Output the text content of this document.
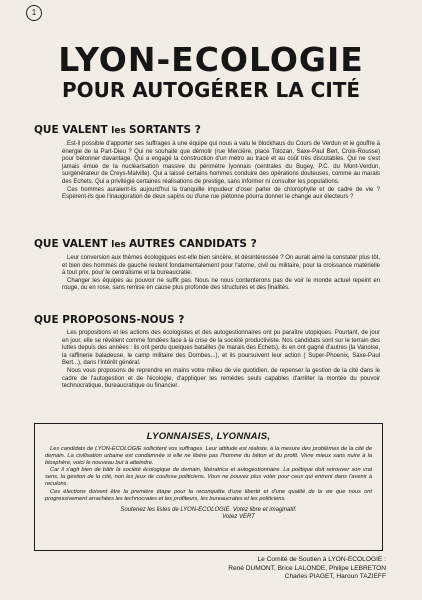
1
LYON-ECOLOGIE
POUR AUTOGÉRER LA CITÉ
QUE VALENT les SORTANTS ?

Est-il possible d'apporter ses suffrages à une équipe qui nous a valu le blockhaus du Cours de Verdun et le gouffre à énergie de la Part-Dieu ? Qui ne souhaite que démolir (rue Mercière, place Tolozan, Saxe-Paul Bert, Croix-Rousse) pour bétonner davantage. Qui a engagé la construction d'un métro au tracé et au coût très discutables. Qui ne s'est jamais émue de la nucléarisation massive du périmètre lyonnais (centrales du Bugey, P.C. du Mont-Verdun, surgénérateur de Creys-Malville). Qui a laissé certains hommes conduire des opérations douteuses, comme au marais des Echets. Qui a privilégié certaines réalisations de prestige, sans informer ni consulter les populations.

Ces hommes auraient-ils aujourd'hui la tranquille impudeur d'oser parler de chlorophylle et de cadre de vie ? Espèrent-ils que l'inauguration de deux sapins ou d'une rue piétonne pourra donner le change aux électeurs ?

QUE VALENT les AUTRES CANDIDATS ?

Leur conversion aux thèmes écologiques est-elle bien sincère, et désintéressée ? On aurait aimé la constater plus tôt, et bien des hommes de gauche restent fondamentalement pour l'atome, civil ou militaire, pour la croissance matérielle à tout prix, pour le centralisme et la bureaucratie.

Changer les équipes au pouvoir ne suffit pas. Nous ne nous contenterons pas de voir le monde actuel repeint en rouge, ou en rose, sans remise en cause plus profonde des structures et des finalités.

QUE PROPOSONS-NOUS ?

Les propositions et les actions des écologistes et des autogestionnaires ont pu paraître utopiques. Pourtant, de jour en jour, elle se révèlent comme fondées face à la crise de la société productiviste. Nos candidats sont sur le terrain des luttes depuis des années : ils ont perdu quelques batailles (le marais des Echets), ils en ont gagné d'autres (la Vanoise, la raffinerie baladeuse, le camp militaire des Dombes...), et ils poursuivent leur action ( Super-Phoenix, Saxe-Paul Bert...), dans l'intérêt général.

Nous vous proposons de reprendre en mains votre milieu de vie quotidien, de repenser la gestion de la cité dans le cadre de l'autogestion et de l'écologie, d'appliquer les remèdes seuls capables d'arrêter la montée du pouvoir technocratique, bureaucratique ou financier.

LYONNAISES, LYONNAIS,

Les candidats de LYON-ECOLOGIE sollicitent vos suffrages. Leur attitude est réaliste, à la mesure des problèmes de la cité de demain. La civilisation urbaine est condamnée si elle ne libère pas l'homme du béton et du profit. Vivre mieux sans nuire à la biosphère, voici le nouveau but à atteindre.

Car il s'agit bien de bâtir la société écologique de demain, libératrice et autogestionnaire. La politique doit retrouver son vrai sens, la gestion de la cité, non les jeux de coulisse politiciens. Vous ne pouvez plus voter pour ceux qui entrent dans l'avenir à reculons.

Ces élections doivent être la première étape pour la reconquête d'une liberté et d'une qualité de la vie que nous ont progressivement arrachées les technocrates et les profiteurs, les bureaucrates et les politiciens.

Soutenez les listes de LYON-ECOLOGIE. Votez libre et imaginatif.
Votez VERT
Le Comité de Soutien à LYON-ECOLOGIE :
René DUMONT, Brice LALONDE, Philipe LEBRETON
Charles PIAGET, Haroun TAZIEFF
